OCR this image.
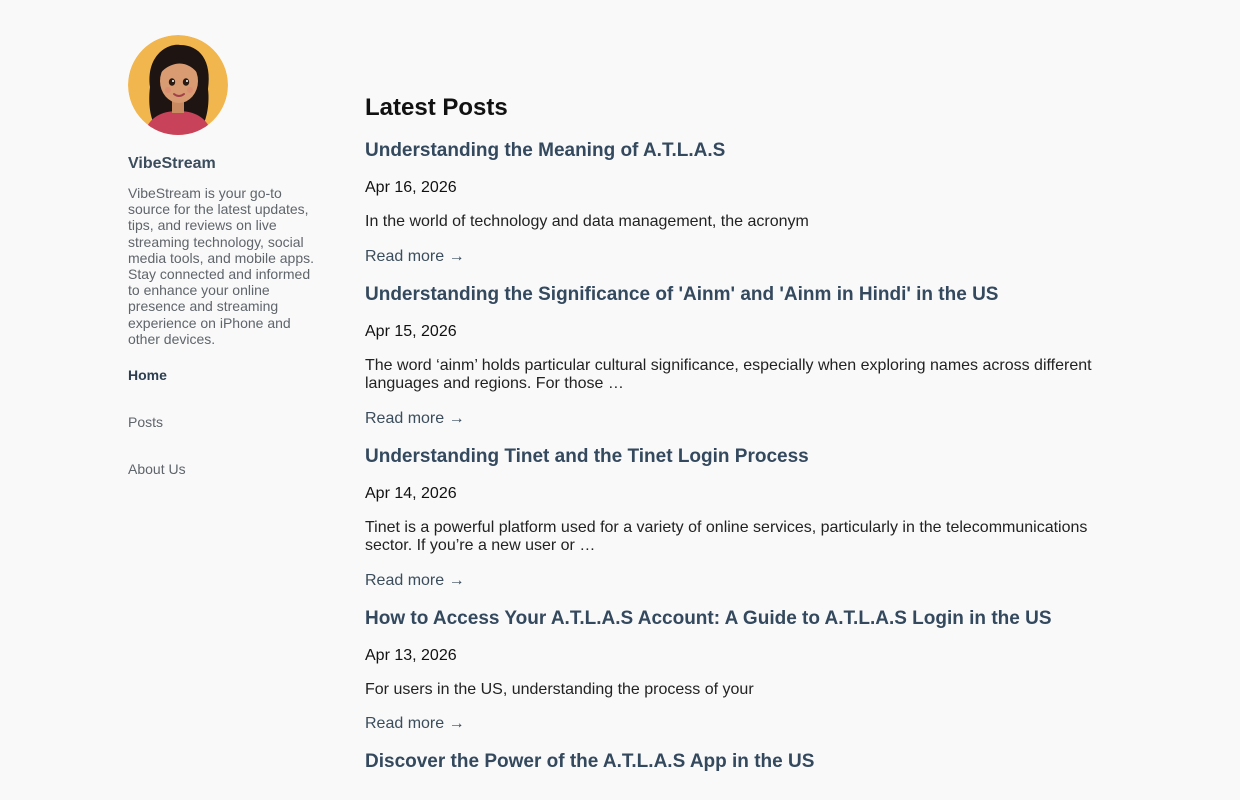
VibeStream
VibeStream is your go-to source for the latest updates, tips, and reviews on live streaming technology, social media tools, and mobile apps. Stay connected and informed to enhance your online presence and streaming experience on iPhone and other devices.
Home
Posts
About Us
Latest Posts
Understanding the Meaning of A.T.L.A.S
Apr 16, 2026
In the world of technology and data management, the acronym
Read more →
Understanding the Significance of 'Ainm' and 'Ainm in Hindi' in the US
Apr 15, 2026
The word ‘ainm’ holds particular cultural significance, especially when exploring names across different languages and regions. For those …
Read more →
Understanding Tinet and the Tinet Login Process
Apr 14, 2026
Tinet is a powerful platform used for a variety of online services, particularly in the telecommunications sector. If you’re a new user or …
Read more →
How to Access Your A.T.L.A.S Account: A Guide to A.T.L.A.S Login in the US
Apr 13, 2026
For users in the US, understanding the process of your
Read more →
Discover the Power of the A.T.L.A.S App in the US
